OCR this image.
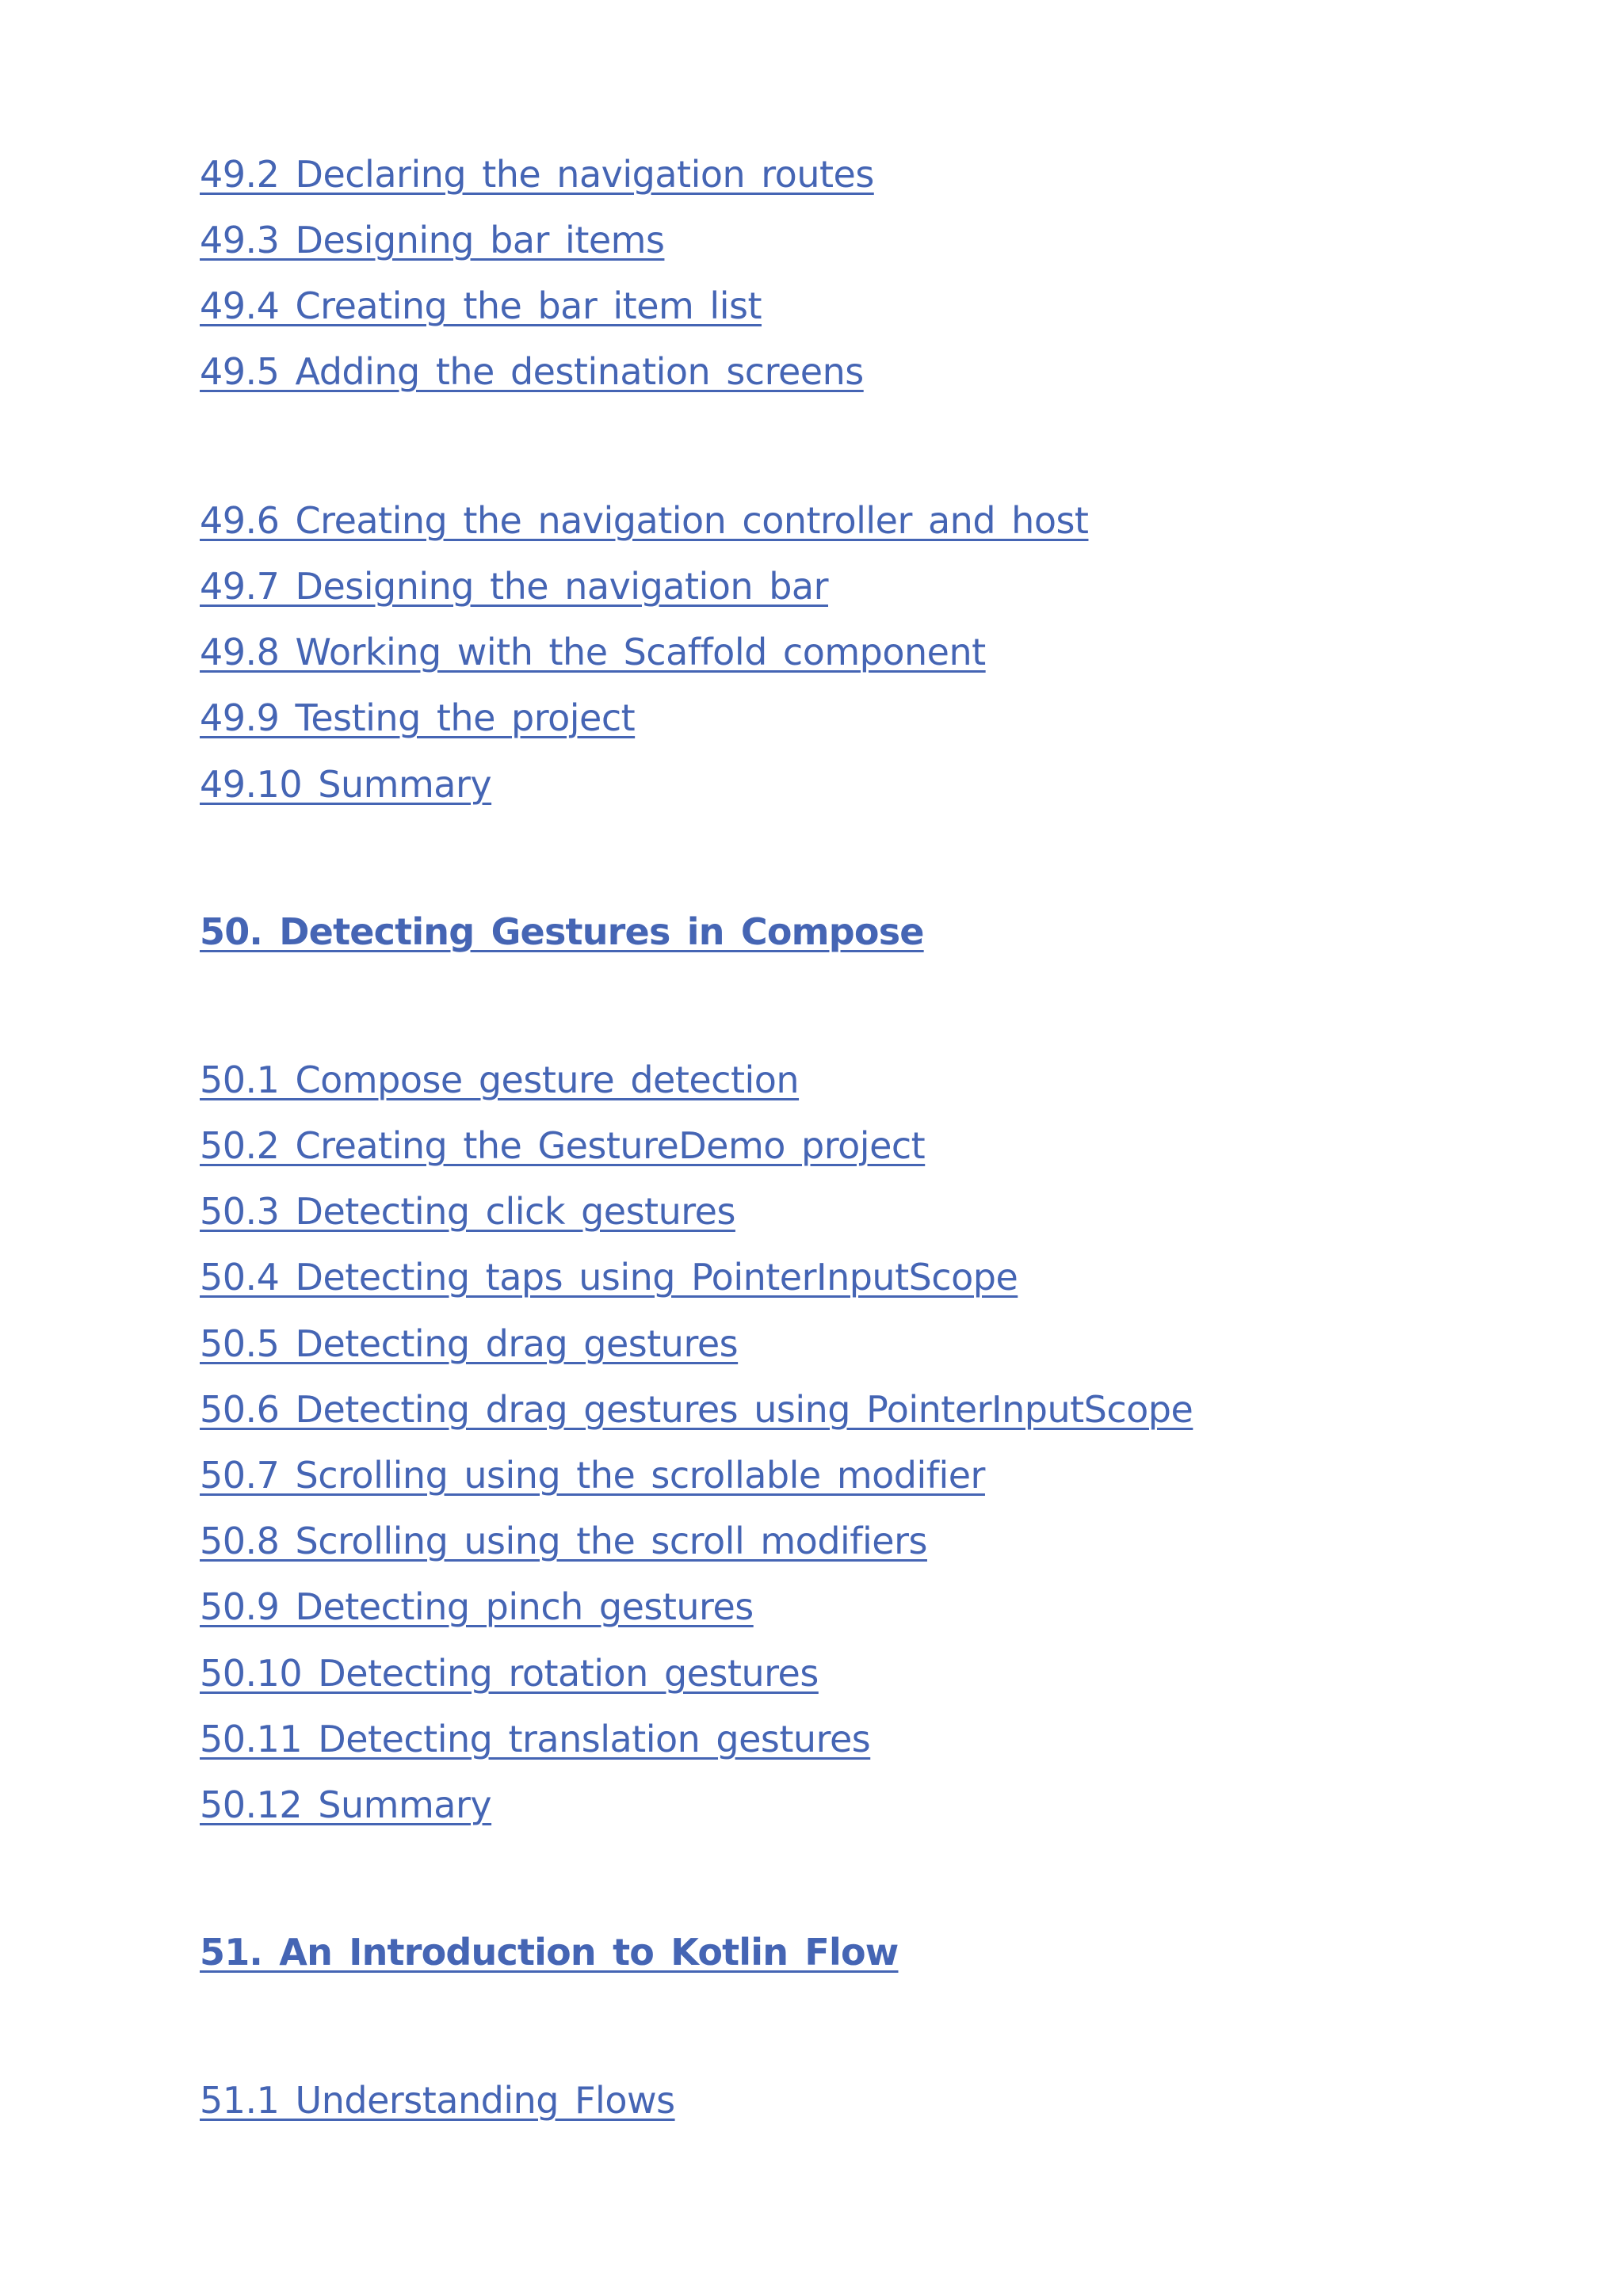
49.2 Declaring the navigation routes
49.3 Designing bar items
49.4 Creating the bar item list
49.5 Adding the destination screens
49.6 Creating the navigation controller and host
49.7 Designing the navigation bar
49.8 Working with the Scaffold component
49.9 Testing the project
49.10 Summary
50. Detecting Gestures in Compose
50.1 Compose gesture detection
50.2 Creating the GestureDemo project
50.3 Detecting click gestures
50.4 Detecting taps using PointerInputScope
50.5 Detecting drag gestures
50.6 Detecting drag gestures using PointerInputScope
50.7 Scrolling using the scrollable modifier
50.8 Scrolling using the scroll modifiers
50.9 Detecting pinch gestures
50.10 Detecting rotation gestures
50.11 Detecting translation gestures
50.12 Summary
51. An Introduction to Kotlin Flow
51.1 Understanding Flows
